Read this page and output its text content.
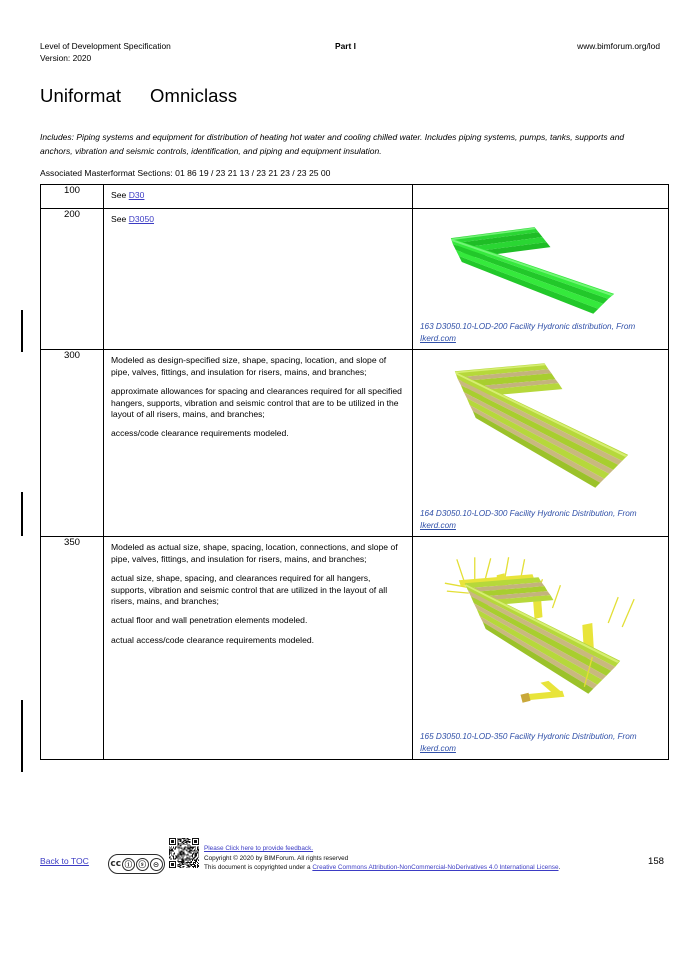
Level of Development Specification
Version: 2020
Part I	www.bimforum.org/lod
Uniformat Omniclass

Includes: Piping systems and equipment for distribution of heating hot water and cooling chilled water. Includes piping systems, pumps, tanks, supports and anchors, vibration and seismic controls, identification, and piping and equipment insulation.

Associated Masterformat Sections: 01 86 19 / 23 21 13 / 23 21 23 / 23 25 00

100	See D30	

200	See D3050	163 D3050.10-LOD-200 Facility Hydronic distribution, From Ikerd.com

300	Modeled as design-specified size, shape, spacing, location, and slope of pipe, valves, fittings, and insulation for risers, mains, and branches;

approximate allowances for spacing and clearances required for all specified hangers, supports, vibration and seismic control that are to be utilized in the layout of all risers, mains, and branches;

access/code clearance requirements modeled.	164 D3050.10-LOD-300 Facility Hydronic Distribution, From Ikerd.com

350	Modeled as actual size, shape, spacing, location, connections, and slope of pipe, valves, fittings, and insulation for risers, mains, and branches;

actual size, shape, spacing, and clearances required for all hangers, supports, vibration and seismic control that are utilized in the layout of all risers, mains, and branches;

actual floor and wall penetration elements modeled.

actual access/code clearance requirements modeled.	165 D3050.10-LOD-350 Facility Hydronic Distribution, From Ikerd.com
Back to TOC cc ⓘ ⓢ ⊝
Please Click here to provide feedback.
Copyright © 2020 by BIMForum. All rights reserved
This document is copyrighted under a Creative Commons Attribution-NonCommercial-NoDerivatives 4.0 International License.
158
